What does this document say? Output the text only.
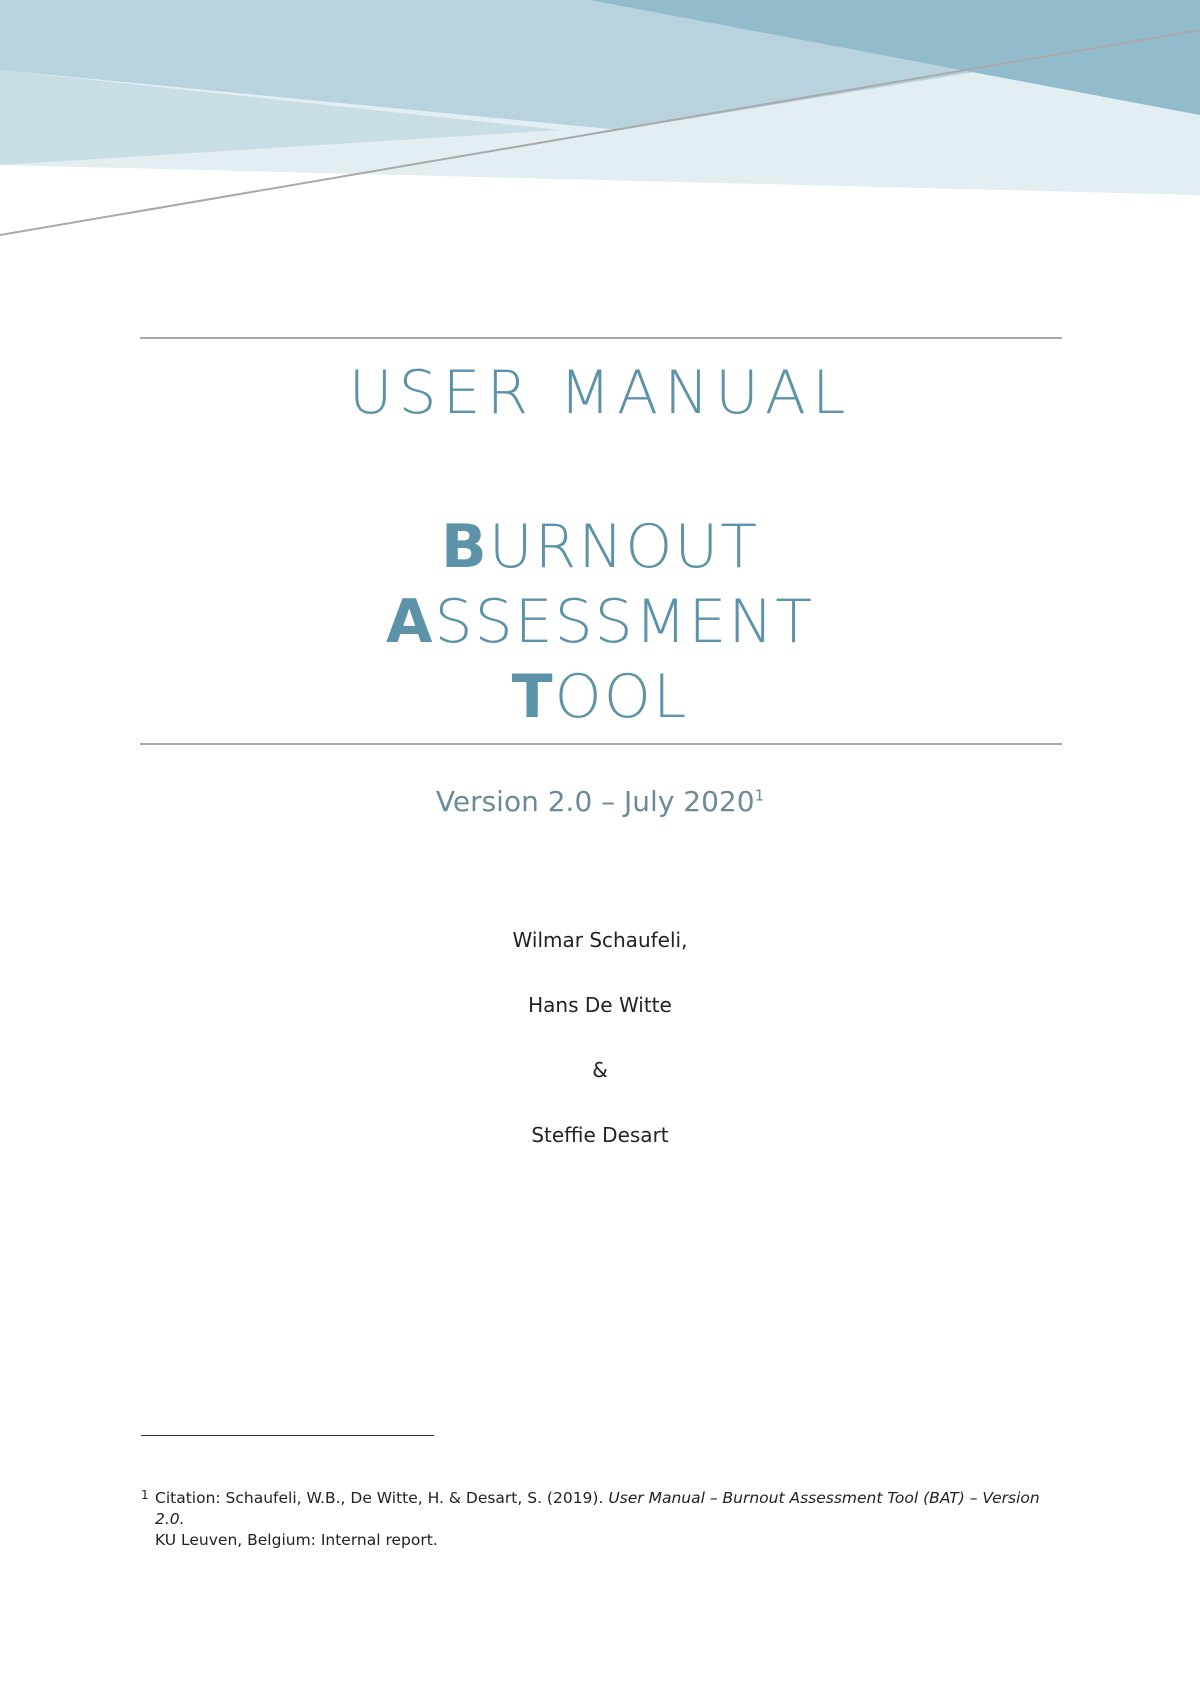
USER MANUAL
BURNOUT
ASSESSMENT
TOOL
Version 2.0 – July 2020$^1$
Wilmar Schaufeli,
Hans De Witte
&
Steffie Desart
1 Citation: Schaufeli, W.B., De Witte, H. & Desart, S. (2019). User Manual – Burnout Assessment Tool (BAT) – Version 2.0.
KU Leuven, Belgium: Internal report.
